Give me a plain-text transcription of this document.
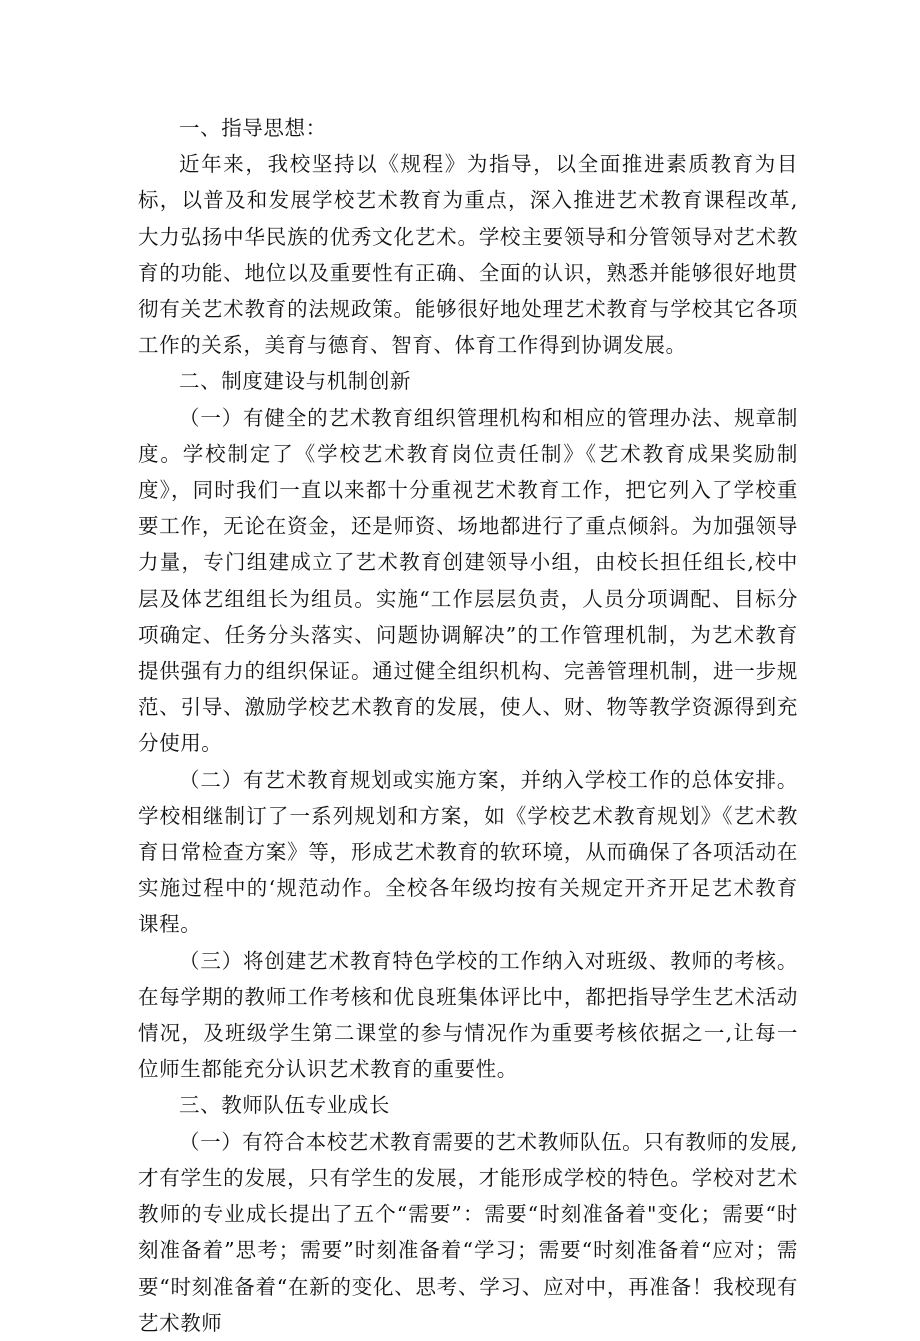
一、指导思想：

近年来，我校坚持以《规程》为指导，以全面推进素质教育为目标，以普及和发展学校艺术教育为重点，深入推进艺术教育课程改革,大力弘扬中华民族的优秀文化艺术。学校主要领导和分管领导对艺术教育的功能、地位以及重要性有正确、全面的认识，熟悉并能够很好地贯彻有关艺术教育的法规政策。能够很好地处理艺术教育与学校其它各项工作的关系，美育与德育、智育、体育工作得到协调发展。

二、制度建设与机制创新

（一）有健全的艺术教育组织管理机构和相应的管理办法、规章制度。学校制定了《学校艺术教育岗位责任制》《艺术教育成果奖励制度》，同时我们一直以来都十分重视艺术教育工作，把它列入了学校重要工作，无论在资金，还是师资、场地都进行了重点倾斜。为加强领导力量，专门组建成立了艺术教育创建领导小组，由校长担任组长,校中层及体艺组组长为组员。实施“工作层层负责，人员分项调配、目标分项确定、任务分头落实、问题协调解决”的工作管理机制，为艺术教育提供强有力的组织保证。通过健全组织机构、完善管理机制，进一步规范、引导、激励学校艺术教育的发展，使人、财、物等教学资源得到充分使用。

（二）有艺术教育规划或实施方案，并纳入学校工作的总体安排。学校相继制订了一系列规划和方案，如《学校艺术教育规划》《艺术教育日常检查方案》等，形成艺术教育的软环境，从而确保了各项活动在实施过程中的‘规范动作。全校各年级均按有关规定开齐开足艺术教育课程。

（三）将创建艺术教育特色学校的工作纳入对班级、教师的考核。在每学期的教师工作考核和优良班集体评比中，都把指导学生艺术活动情况，及班级学生第二课堂的参与情况作为重要考核依据之一,让每一位师生都能充分认识艺术教育的重要性。

三、教师队伍专业成长

（一）有符合本校艺术教育需要的艺术教师队伍。只有教师的发展,才有学生的发展，只有学生的发展，才能形成学校的特色。学校对艺术教师的专业成长提出了五个“需要”：需要“时刻准备着"变化；需要“时刻准备着”思考；需要”时刻准备着“学习；需要“时刻准备着“应对；需要“时刻准备着“在新的变化、思考、学习、应对中，再准备！我校现有艺术教师
